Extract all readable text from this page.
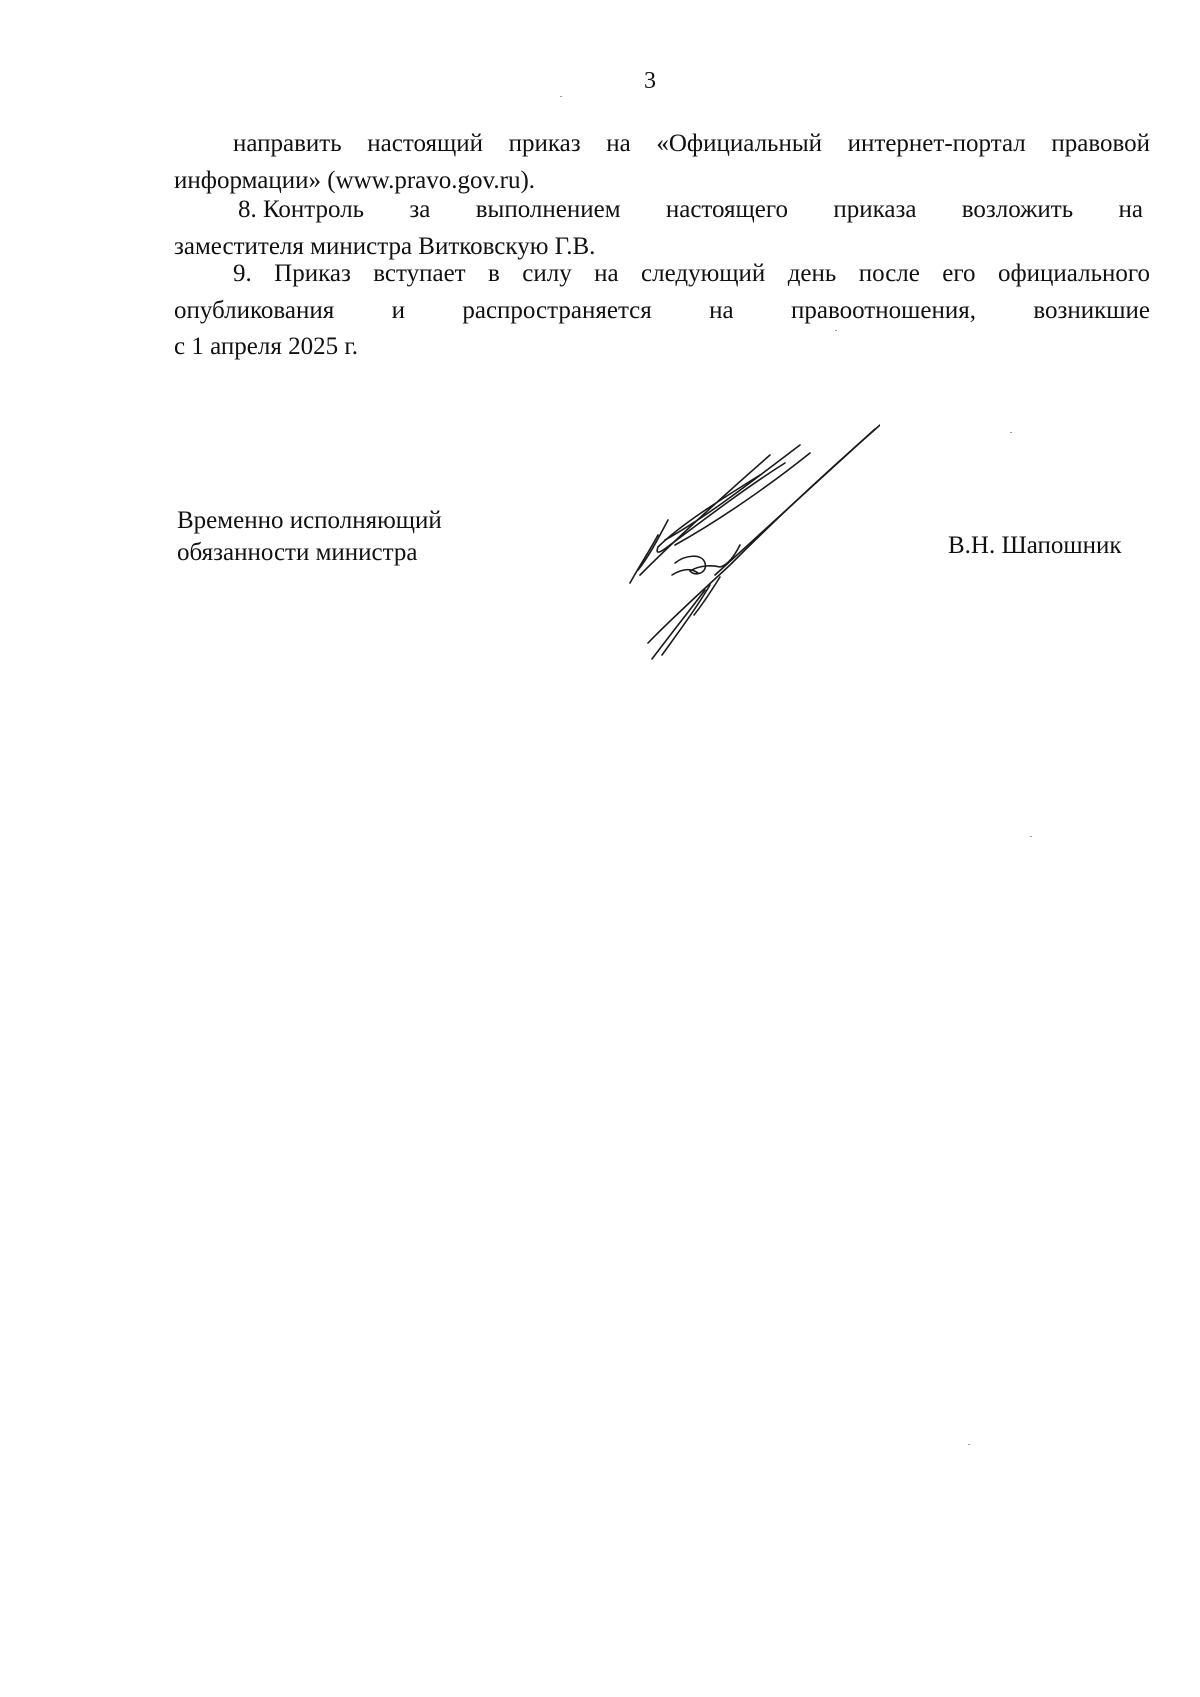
3
направить настоящий приказ на «Официальный интернет-портал правовой
информации» (www.pravo.gov.ru).
8. Контроль за выполнением настоящего приказа возложить на
заместителя министра Витковскую Г.В.
9. Приказ вступает в силу на следующий день после его официального
опубликования и распространяется на правоотношения, возникшие
с 1 апреля 2025 г.
Временно исполняющий
обязанности министра	В.Н. Шапошник
